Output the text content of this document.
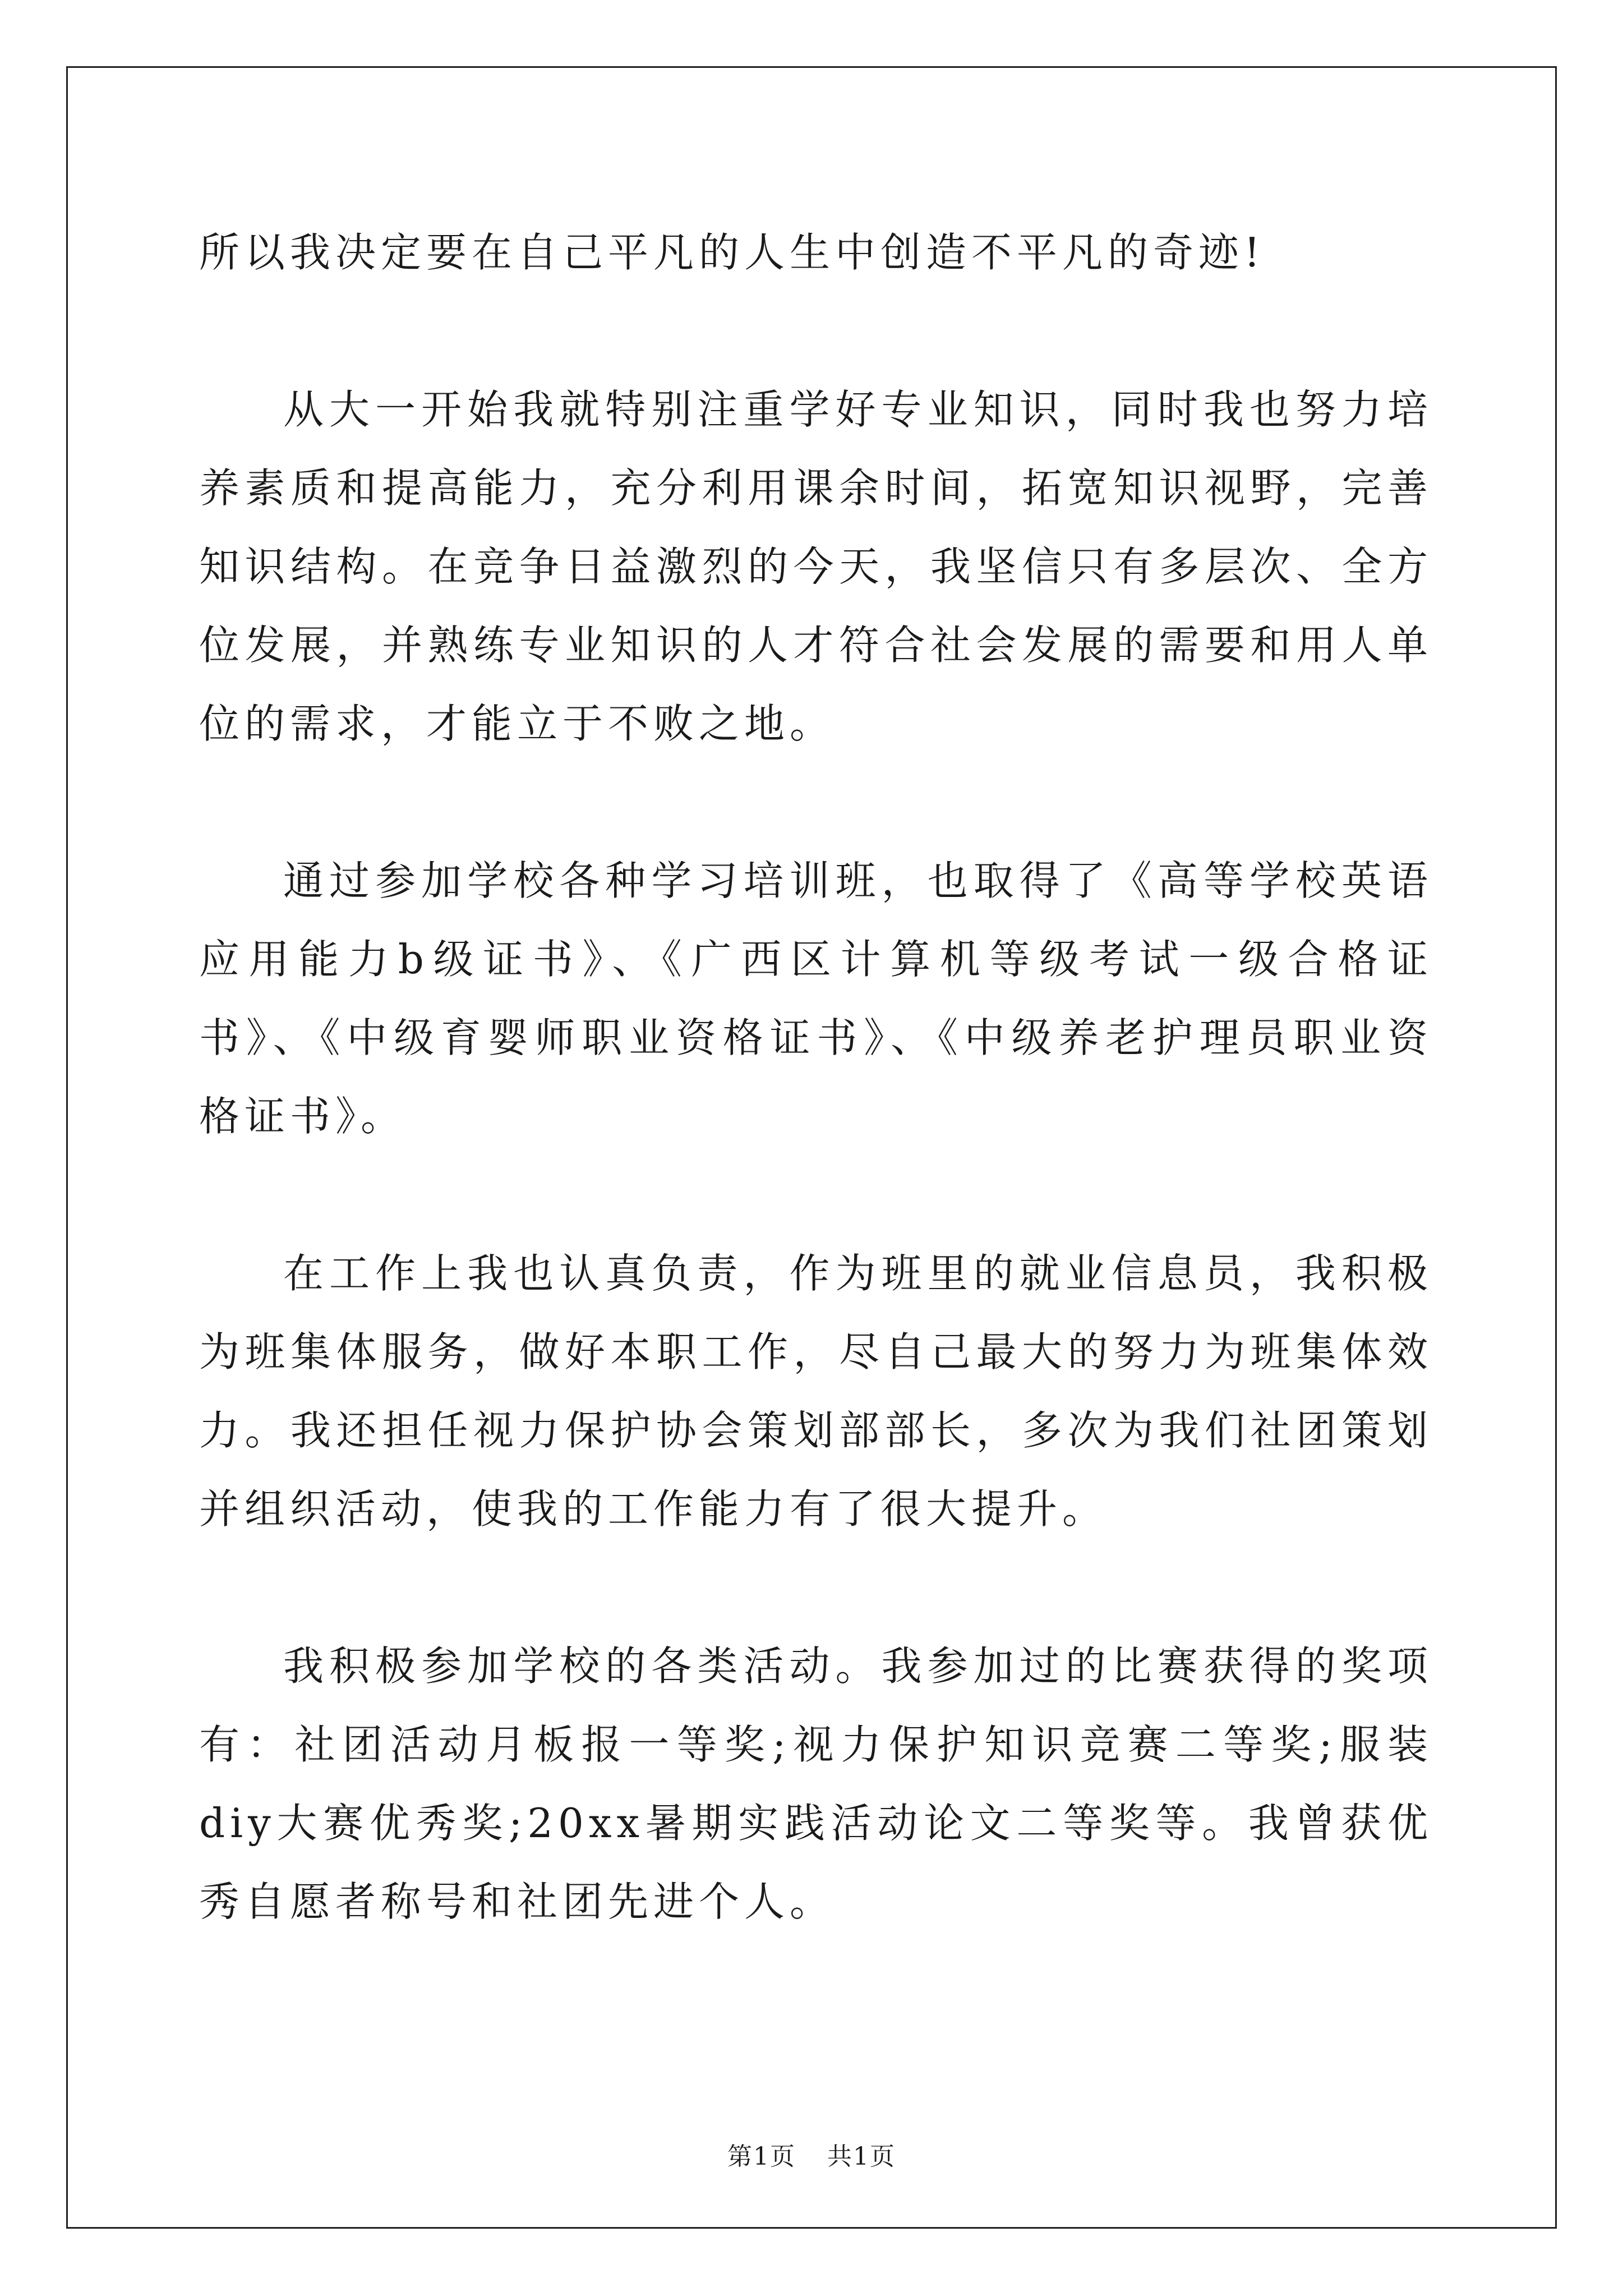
所以我决定要在自己平凡的人生中创造不平凡的奇迹!

从大一开始我就特别注重学好专业知识，同时我也努力培养素质和提高能力，充分利用课余时间，拓宽知识视野，完善知识结构。在竞争日益激烈的今天，我坚信只有多层次、全方位发展，并熟练专业知识的人才符合社会发展的需要和用人单位的需求，才能立于不败之地。

通过参加学校各种学习培训班，也取得了《高等学校英语应用能力b级证书》、《广西区计算机等级考试一级合格证书》、《中级育婴师职业资格证书》、《中级养老护理员职业资格证书》。

在工作上我也认真负责，作为班里的就业信息员，我积极为班集体服务，做好本职工作，尽自己最大的努力为班集体效力。我还担任视力保护协会策划部部长，多次为我们社团策划并组织活动，使我的工作能力有了很大提升。

我积极参加学校的各类活动。我参加过的比赛获得的奖项有：社团活动月板报一等奖;视力保护知识竞赛二等奖;服装diy大赛优秀奖;20xx暑期实践活动论文二等奖等。我曾获优秀自愿者称号和社团先进个人。

第1页 共1页
